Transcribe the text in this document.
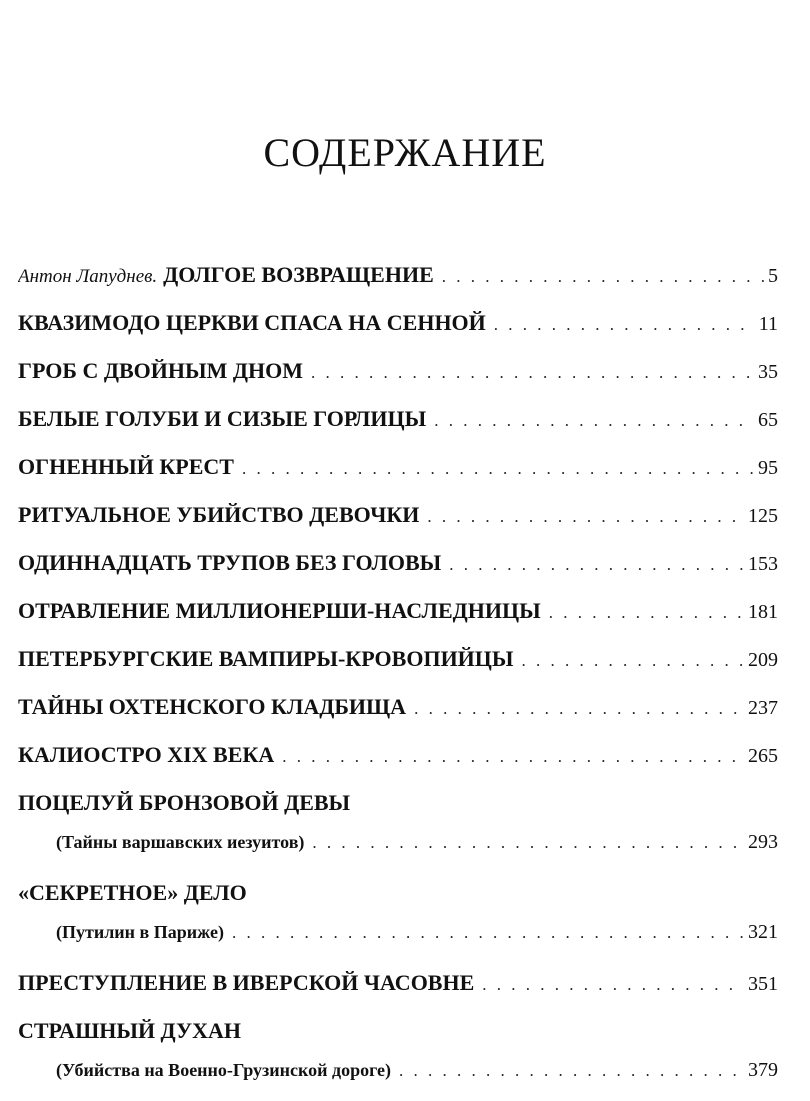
СОДЕРЖАНИЕ
Антон Лапуднев. ДОЛГОЕ ВОЗВРАЩЕНИЕ . . .	5
КВАЗИМОДО ЦЕРКВИ СПАСА НА СЕННОЙ . . .	11
ГРОБ С ДВОЙНЫМ ДНОМ . . .	35
БЕЛЫЕ ГОЛУБИ И СИЗЫЕ ГОРЛИЦЫ . . .	65
ОГНЕННЫЙ КРЕСТ . . .	95
РИТУАЛЬНОЕ УБИЙСТВО ДЕВОЧКИ . . .	125
ОДИННАДЦАТЬ ТРУПОВ БЕЗ ГОЛОВЫ . . .	153
ОТРАВЛЕНИЕ МИЛЛИОНЕРШИ-НАСЛЕДНИЦЫ . . .	181
ПЕТЕРБУРГСКИЕ ВАМПИРЫ-КРОВОПИЙЦЫ . . .	209
ТАЙНЫ ОХТЕНСКОГО КЛАДБИЩА . . .	237
КАЛИОСТРО XIX ВЕКА . . .	265
ПОЦЕЛУЙ БРОНЗОВОЙ ДЕВЫ
(Тайны варшавских иезуитов) . . .	293
«СЕКРЕТНОЕ» ДЕЛО
(Путилин в Париже) . . .	321
ПРЕСТУПЛЕНИЕ В ИВЕРСКОЙ ЧАСОВНЕ . . .	351
СТРАШНЫЙ ДУХАН
(Убийства на Военно-Грузинской дороге) . . .	379
